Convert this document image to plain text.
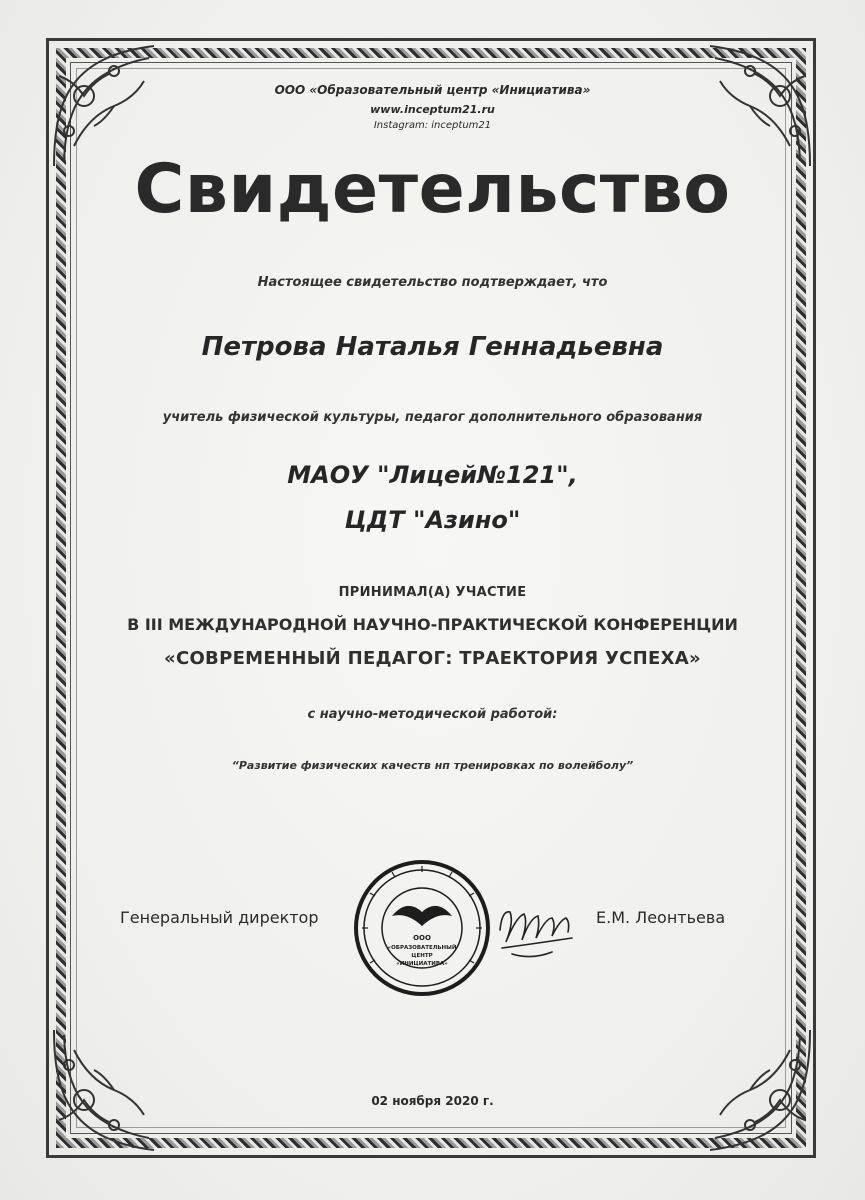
ООО «Образовательный центр «Инициатива»
www.inceptum21.ru
Instagram: inceptum21
Свидетельство
Настоящее свидетельство подтверждает, что
Петрова Наталья Геннадьевна
учитель физической культуры, педагог дополнительного образования
МАОУ "Лицей№121",
ЦДТ "Азино"
ПРИНИМАЛ(А) УЧАСТИЕ
В III МЕЖДУНАРОДНОЙ НАУЧНО-ПРАКТИЧЕСКОЙ КОНФЕРЕНЦИИ
«СОВРЕМЕННЫЙ ПЕДАГОГ: ТРАЕКТОРИЯ УСПЕХА»
с научно-методической работой:
“Развитие физических качеств нп тренировках по волейболу”
Генеральный директор
ООО
«ОБРАЗОВАТЕЛЬНЫЙ
ЦЕНТР
«ИНИЦИАТИВА»
Е.М. Леонтьева
02 ноября 2020 г.
